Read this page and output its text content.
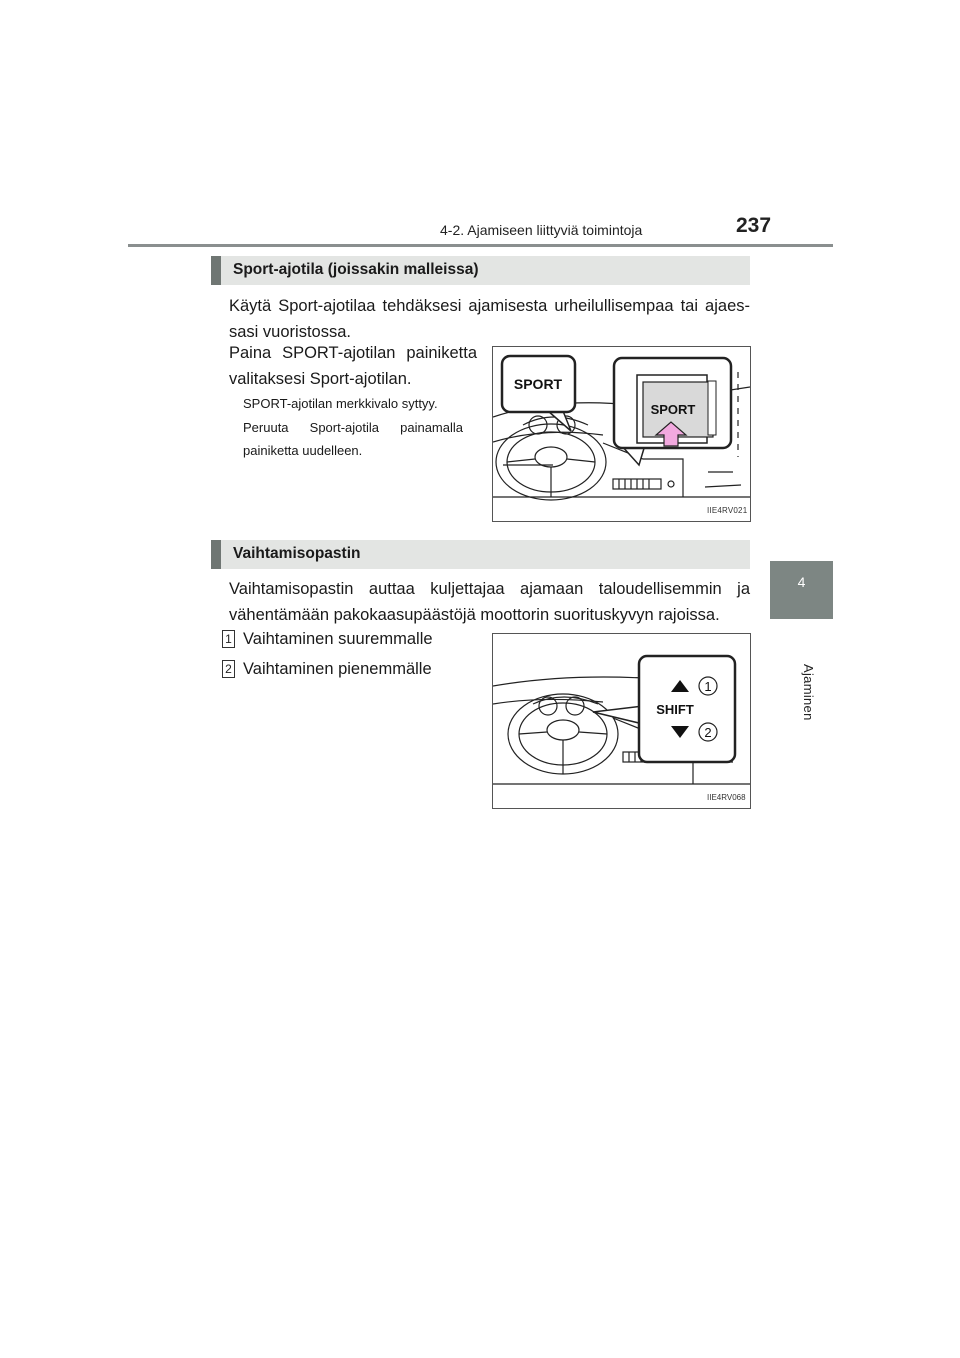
4-2. Ajamiseen liittyviä toimintoja	237
4
Ajaminen
Sport-ajotila (joissakin malleissa)
Käytä Sport-ajotilaa tehdäksesi ajamisesta urheilullisempaa tai ajaes-
sasi vuoristossa.
Paina SPORT-ajotilan painiketta
valitaksesi Sport-ajotilan.
SPORT-ajotilan merkkivalo syttyy.
Peruuta Sport-ajotila painamalla
painiketta uudelleen.
SPORT
SPORT
IIE4RV021
Vaihtamisopastin
Vaihtamisopastin auttaa kuljettajaa ajamaan taloudellisemmin ja
vähentämään pakokaasupäästöjä moottorin suorituskyvyn rajoissa.
1 Vaihtaminen suuremmalle
2 Vaihtaminen pienemmälle
SHIFT
1
2
IIE4RV068
